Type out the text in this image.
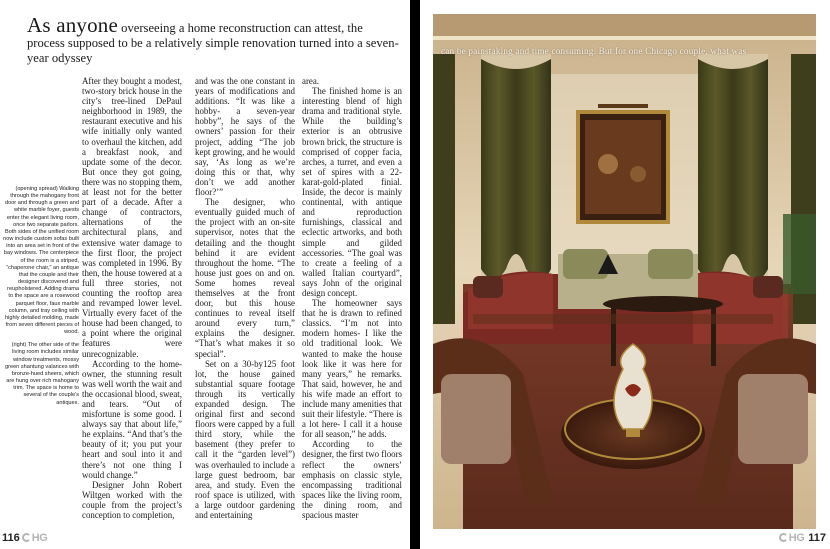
As anyone overseeing a home reconstruction can attest, the process supposed to be a relatively simple renovation turned into a seven-year odyssey

(opening spread) Walking through the mahogany front door and through a green and white marble foyer, guests enter the elegant living room, once two separate parlors. Both sides of the unified room now include custom sofas built into an area set in front of the bay windows. The centerpiece of the room is a striped, “chaperone chair,” an antique that the couple and their designer discovered and reupholstered. Adding drama to the space are a rosewood parquet floor, faux marble column, and tray ceiling with highly detailed molding, made from seven different pieces of wood.

(right) The other side of the living room includes similar window treatments, mossy green shantung valances with bronze-hued sheers, which are hung over rich mahogany trim. The space is home to several of the couple’s antiques.

After they bought a modest, two-story brick house in the city’s tree-lined DePaul neighborhood in 1989, the restaurant executive and his wife initially only wanted to overhaul the kitchen, add a breakfast nook, and update some of the decor. But once they got going, there was no stopping them, at least not for the better part of a decade. After a change of contractors, alternations of the architectural plans, and extensive water damage to the first floor, the project was completed in 1996. By then, the house towered at a full three stories, not counting the rooftop area and revamped lower level. Virtually every facet of the house had been changed, to a point where the original features were unrecognizable.

According to the home-owner, the stunning result was well worth the wait and the occasional blood, sweat, and tears. “Out of misfortune is some good. I always say that about life,” he explains. “And that’s the beauty of it; you put your heart and soul into it and there’s not one thing I would change.”

Designer John Robert Wiltgen worked with the couple from the project’s conception to completion,

and was the one constant in years of modifications and additions. “It was like a hobby- a seven-year hobby”, he says of the owners’ passion for their project, adding “The job kept growing, and he would say, ‘As long as we’re doing this or that, why don’t we add another floor?’”

The designer, who eventually guided much of the project with an on-site supervisor, notes that the detailing and the thought behind it are evident throughout the home. “The house just goes on and on. Some homes reveal themselves at the front door, but this house continues to reveal itself around every turn,” explains the designer. “That’s what makes it so special”.

Set on a 30-by125 foot lot, the house gained substantial square footage through its vertically expanded design. The original first and second floors were capped by a full third story, while the basement (they prefer to call it the “garden level”) was overhauled to include a large guest bedroom, bar area, and study. Even the roof space is utilized, with a large outdoor gardening and entertaining

area.

The finished home is an interesting blend of high drama and traditional style. While the building’s exterior is an obtrusive brown brick, the structure is comprised of copper facia, arches, a turret, and even a set of spires with a 22-karat-gold-plated finial. Inside, the decor is mainly continental, with antique and reproduction furnishings, classical and eclectic artworks, and both simple and gilded accessories. “The goal was to create a feeling of a walled Italian courtyard”, says John of the original design concept.

The homeowner says that he is drawn to refined classics. “I’m not into modern homes- I like the old traditional look. We wanted to make the house look like it was here for many years,” he remarks. That said, however, he and his wife made an effort to include many amenities that suit their lifestyle. “There is a lot here- I call it a house for all season,” he adds.

According to the designer, the first two floors reflect the owners’ emphasis on classic style, encompassing traditional spaces like the living room, the dining room, and spacious master

116	HG
can be painstaking and time consuming. But for one Chicago couple, what was
HG 117
